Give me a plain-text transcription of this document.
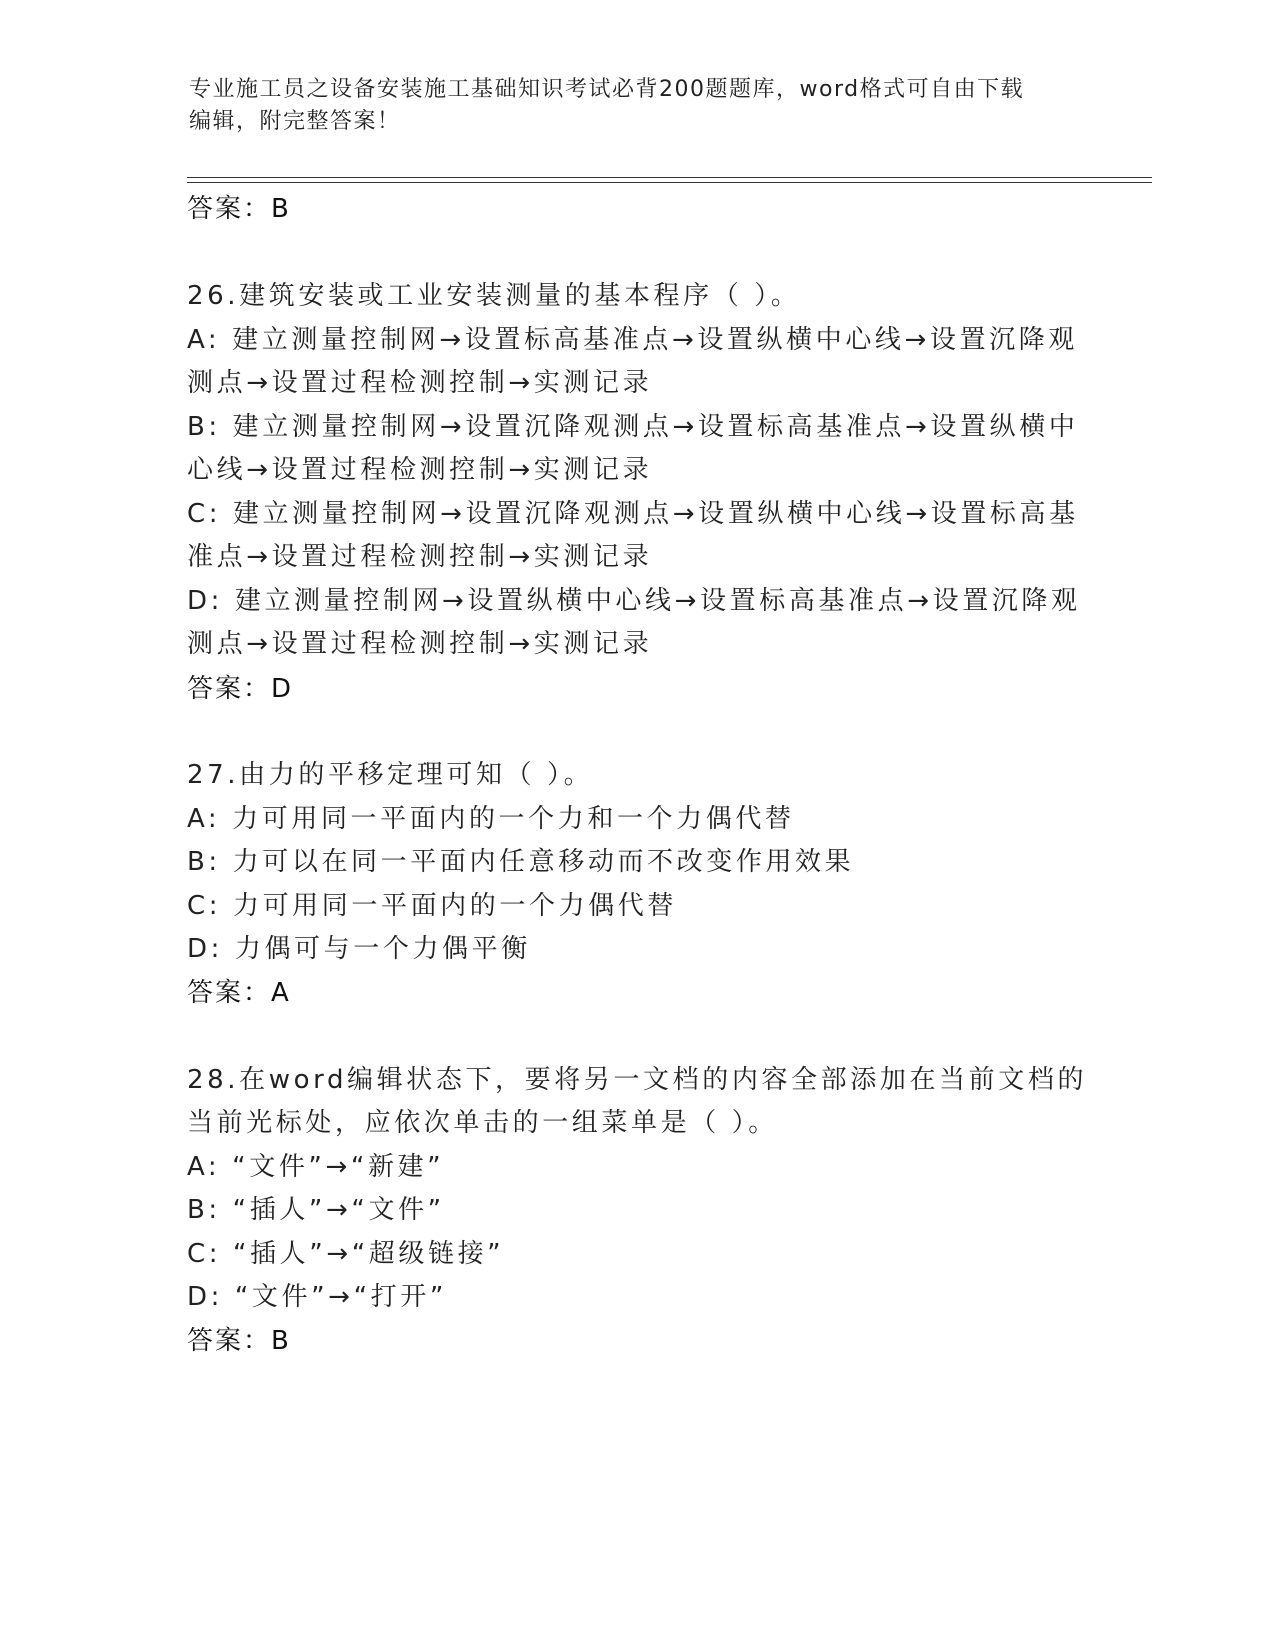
专业施工员之设备安装施工基础知识考试必背200题题库，word格式可自由下载
编辑，附完整答案！
答案：B
26.建筑安装或工业安装测量的基本程序（ ）。
A: 建立测量控制网→设置标高基准点→设置纵横中心线→设置沉降观
测点→设置过程检测控制→实测记录
B: 建立测量控制网→设置沉降观测点→设置标高基准点→设置纵横中
心线→设置过程检测控制→实测记录
C: 建立测量控制网→设置沉降观测点→设置纵横中心线→设置标高基
准点→设置过程检测控制→实测记录
D: 建立测量控制网→设置纵横中心线→设置标高基准点→设置沉降观
测点→设置过程检测控制→实测记录
答案：D
27.由力的平移定理可知（ ）。
A: 力可用同一平面内的一个力和一个力偶代替
B: 力可以在同一平面内任意移动而不改变作用效果
C: 力可用同一平面内的一个力偶代替
D: 力偶可与一个力偶平衡
答案：A
28.在word编辑状态下，要将另一文档的内容全部添加在当前文档的
当前光标处，应依次单击的一组菜单是（ ）。
A: “文件”→“新建”
B: “插人”→“文件”
C: “插人”→“超级链接”
D: “文件”→“打开”
答案：B
